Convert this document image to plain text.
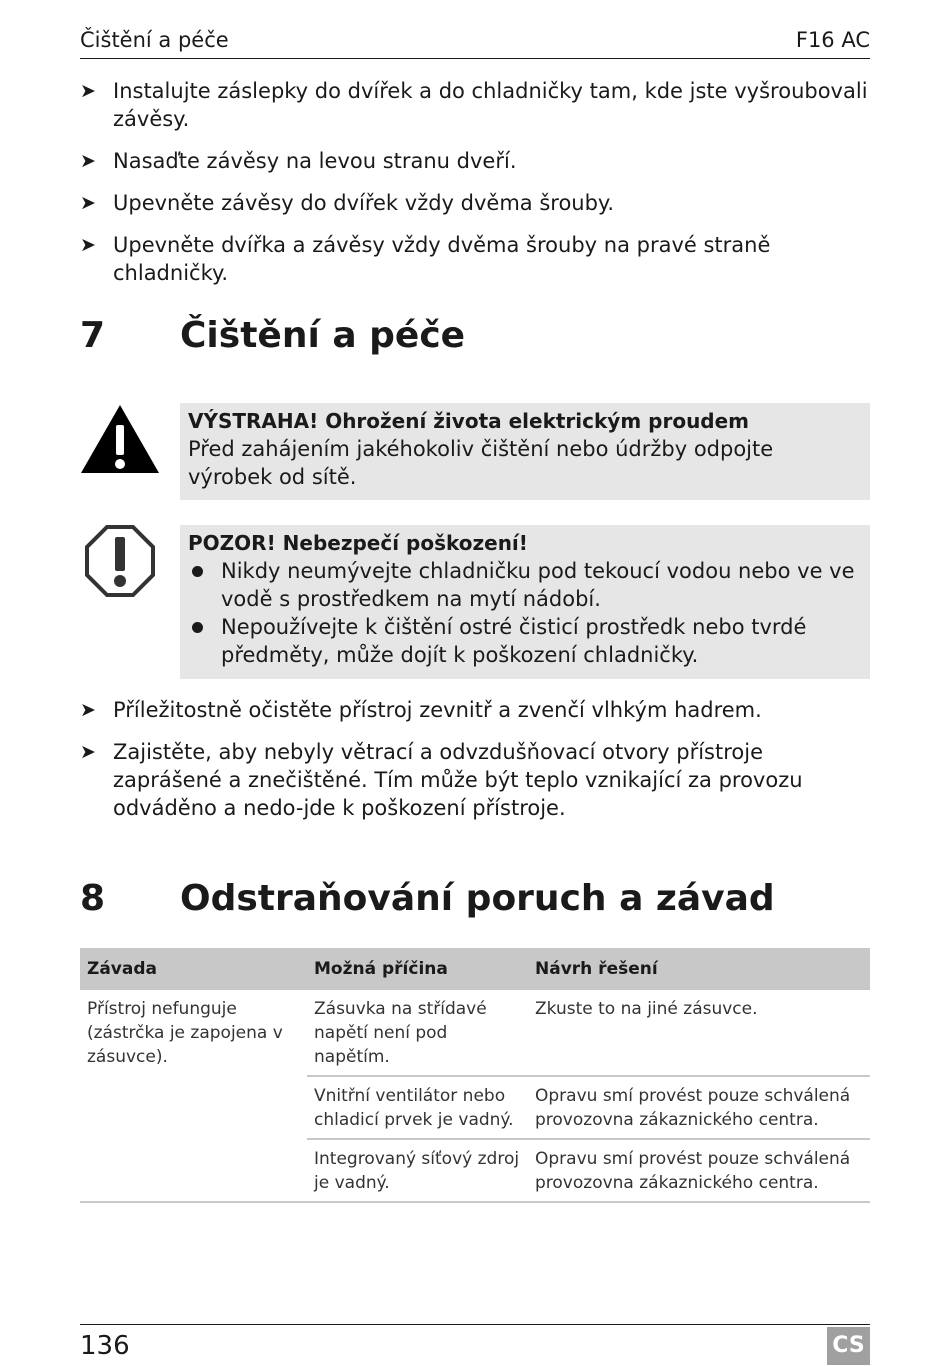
Čištění a péče	F16 AC
➤ Instalujte záslepky do dvířek a do chladničky tam, kde jste vyšroubovali závěsy.
➤ Nasaďte závěsy na levou stranu dveří.
➤ Upevněte závěsy do dvířek vždy dvěma šrouby.
➤ Upevněte dvířka a závěsy vždy dvěma šrouby na pravé straně chladničky.
7 Čištění a péče
VÝSTRAHA! Ohrožení života elektrickým proudem
Před zahájením jakéhokoliv čištění nebo údržby odpojte výrobek od sítě.
POZOR! Nebezpečí poškození!
Nikdy neumývejte chladničku pod tekoucí vodou nebo ve ve vodě s prostředkem na mytí nádobí.
Nepoužívejte k čištění ostré čisticí prostředk nebo tvrdé předměty, může dojít k poškození chladničky.
➤ Příležitostně očistěte přístroj zevnitř a zvenčí vlhkým hadrem.
➤ Zajistěte, aby nebyly větrací a odvzdušňovací otvory přístroje zaprášené a znečištěné. Tím může být teplo vznikající za provozu odváděno a nedo-jde k poškození přístroje.
8 Odstraňování poruch a závad
Závada	Možná příčina	Návrh řešení
Přístroj nefunguje (zástrčka je zapojena v zásuvce).	Zásuvka na střídavé napětí není pod napětím.	Zkuste to na jiné zásuvce.
	Vnitřní ventilátor nebo chladicí prvek je vadný.	Opravu smí provést pouze schválená provozovna zákaznického centra.
	Integrovaný síťový zdroj je vadný.	Opravu smí provést pouze schválená provozovna zákaznického centra.
136	CS
